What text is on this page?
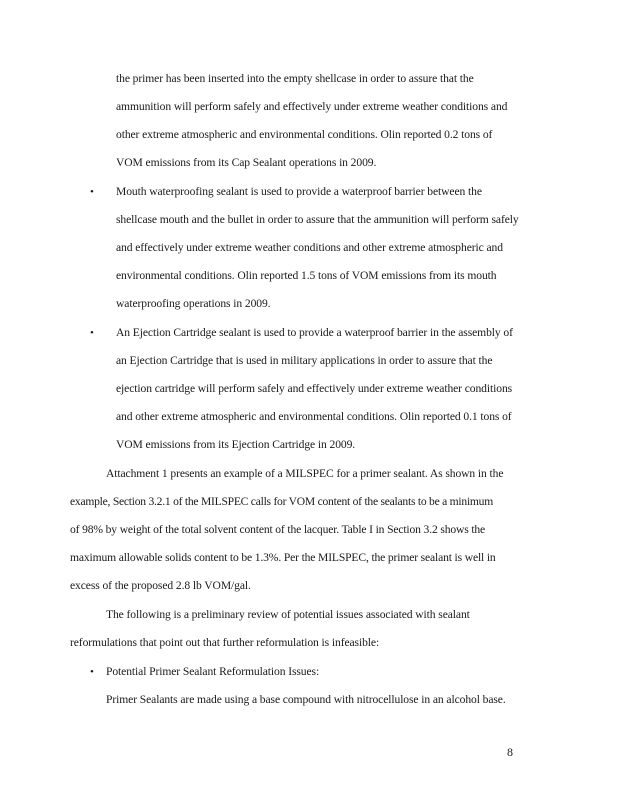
the primer has been inserted into the empty shellcase in order to assure that the
ammunition will perform safely and effectively under extreme weather conditions and
other extreme atmospheric and environmental conditions. Olin reported 0.2 tons of
VOM emissions from its Cap Sealant operations in 2009.
• Mouth waterproofing sealant is used to provide a waterproof barrier between the
shellcase mouth and the bullet in order to assure that the ammunition will perform safely
and effectively under extreme weather conditions and other extreme atmospheric and
environmental conditions. Olin reported 1.5 tons of VOM emissions from its mouth
waterproofing operations in 2009.
• An Ejection Cartridge sealant is used to provide a waterproof barrier in the assembly of
an Ejection Cartridge that is used in military applications in order to assure that the
ejection cartridge will perform safely and effectively under extreme weather conditions
and other extreme atmospheric and environmental conditions. Olin reported 0.1 tons of
VOM emissions from its Ejection Cartridge in 2009.
Attachment 1 presents an example of a MILSPEC for a primer sealant. As shown in the
example, Section 3.2.1 of the MILSPEC calls for VOM content of the sealants to be a minimum
of 98% by weight of the total solvent content of the lacquer. Table I in Section 3.2 shows the
maximum allowable solids content to be 1.3%. Per the MILSPEC, the primer sealant is well in
excess of the proposed 2.8 lb VOM/gal.
The following is a preliminary review of potential issues associated with sealant
reformulations that point out that further reformulation is infeasible:
• Potential Primer Sealant Reformulation Issues:
Primer Sealants are made using a base compound with nitrocellulose in an alcohol base.
8
